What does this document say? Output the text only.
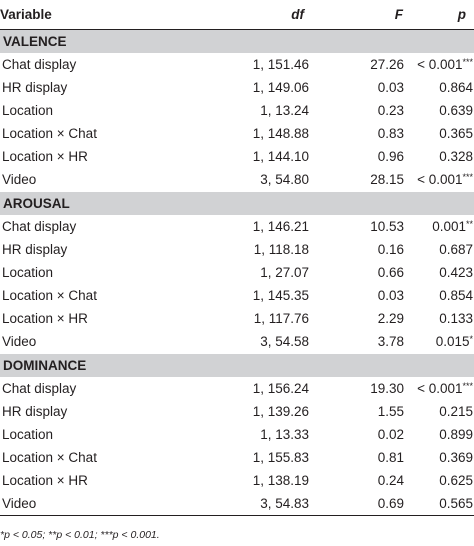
Variable	df	F	p
VALENCE			
Chat display	1, 151.46	27.26	< 0.001***
HR display	1, 149.06	0.03	0.864
Location	1, 13.24	0.23	0.639
Location × Chat	1, 148.88	0.83	0.365
Location × HR	1, 144.10	0.96	0.328
Video	3, 54.80	28.15	< 0.001***
AROUSAL			
Chat display	1, 146.21	10.53	0.001**
HR display	1, 118.18	0.16	0.687
Location	1, 27.07	0.66	0.423
Location × Chat	1, 145.35	0.03	0.854
Location × HR	1, 117.76	2.29	0.133
Video	3, 54.58	3.78	0.015*
DOMINANCE			
Chat display	1, 156.24	19.30	< 0.001***
HR display	1, 139.26	1.55	0.215
Location	1, 13.33	0.02	0.899
Location × Chat	1, 155.83	0.81	0.369
Location × HR	1, 138.19	0.24	0.625
Video	3, 54.83	0.69	0.565
*p < 0.05; **p < 0.01; ***p < 0.001.
